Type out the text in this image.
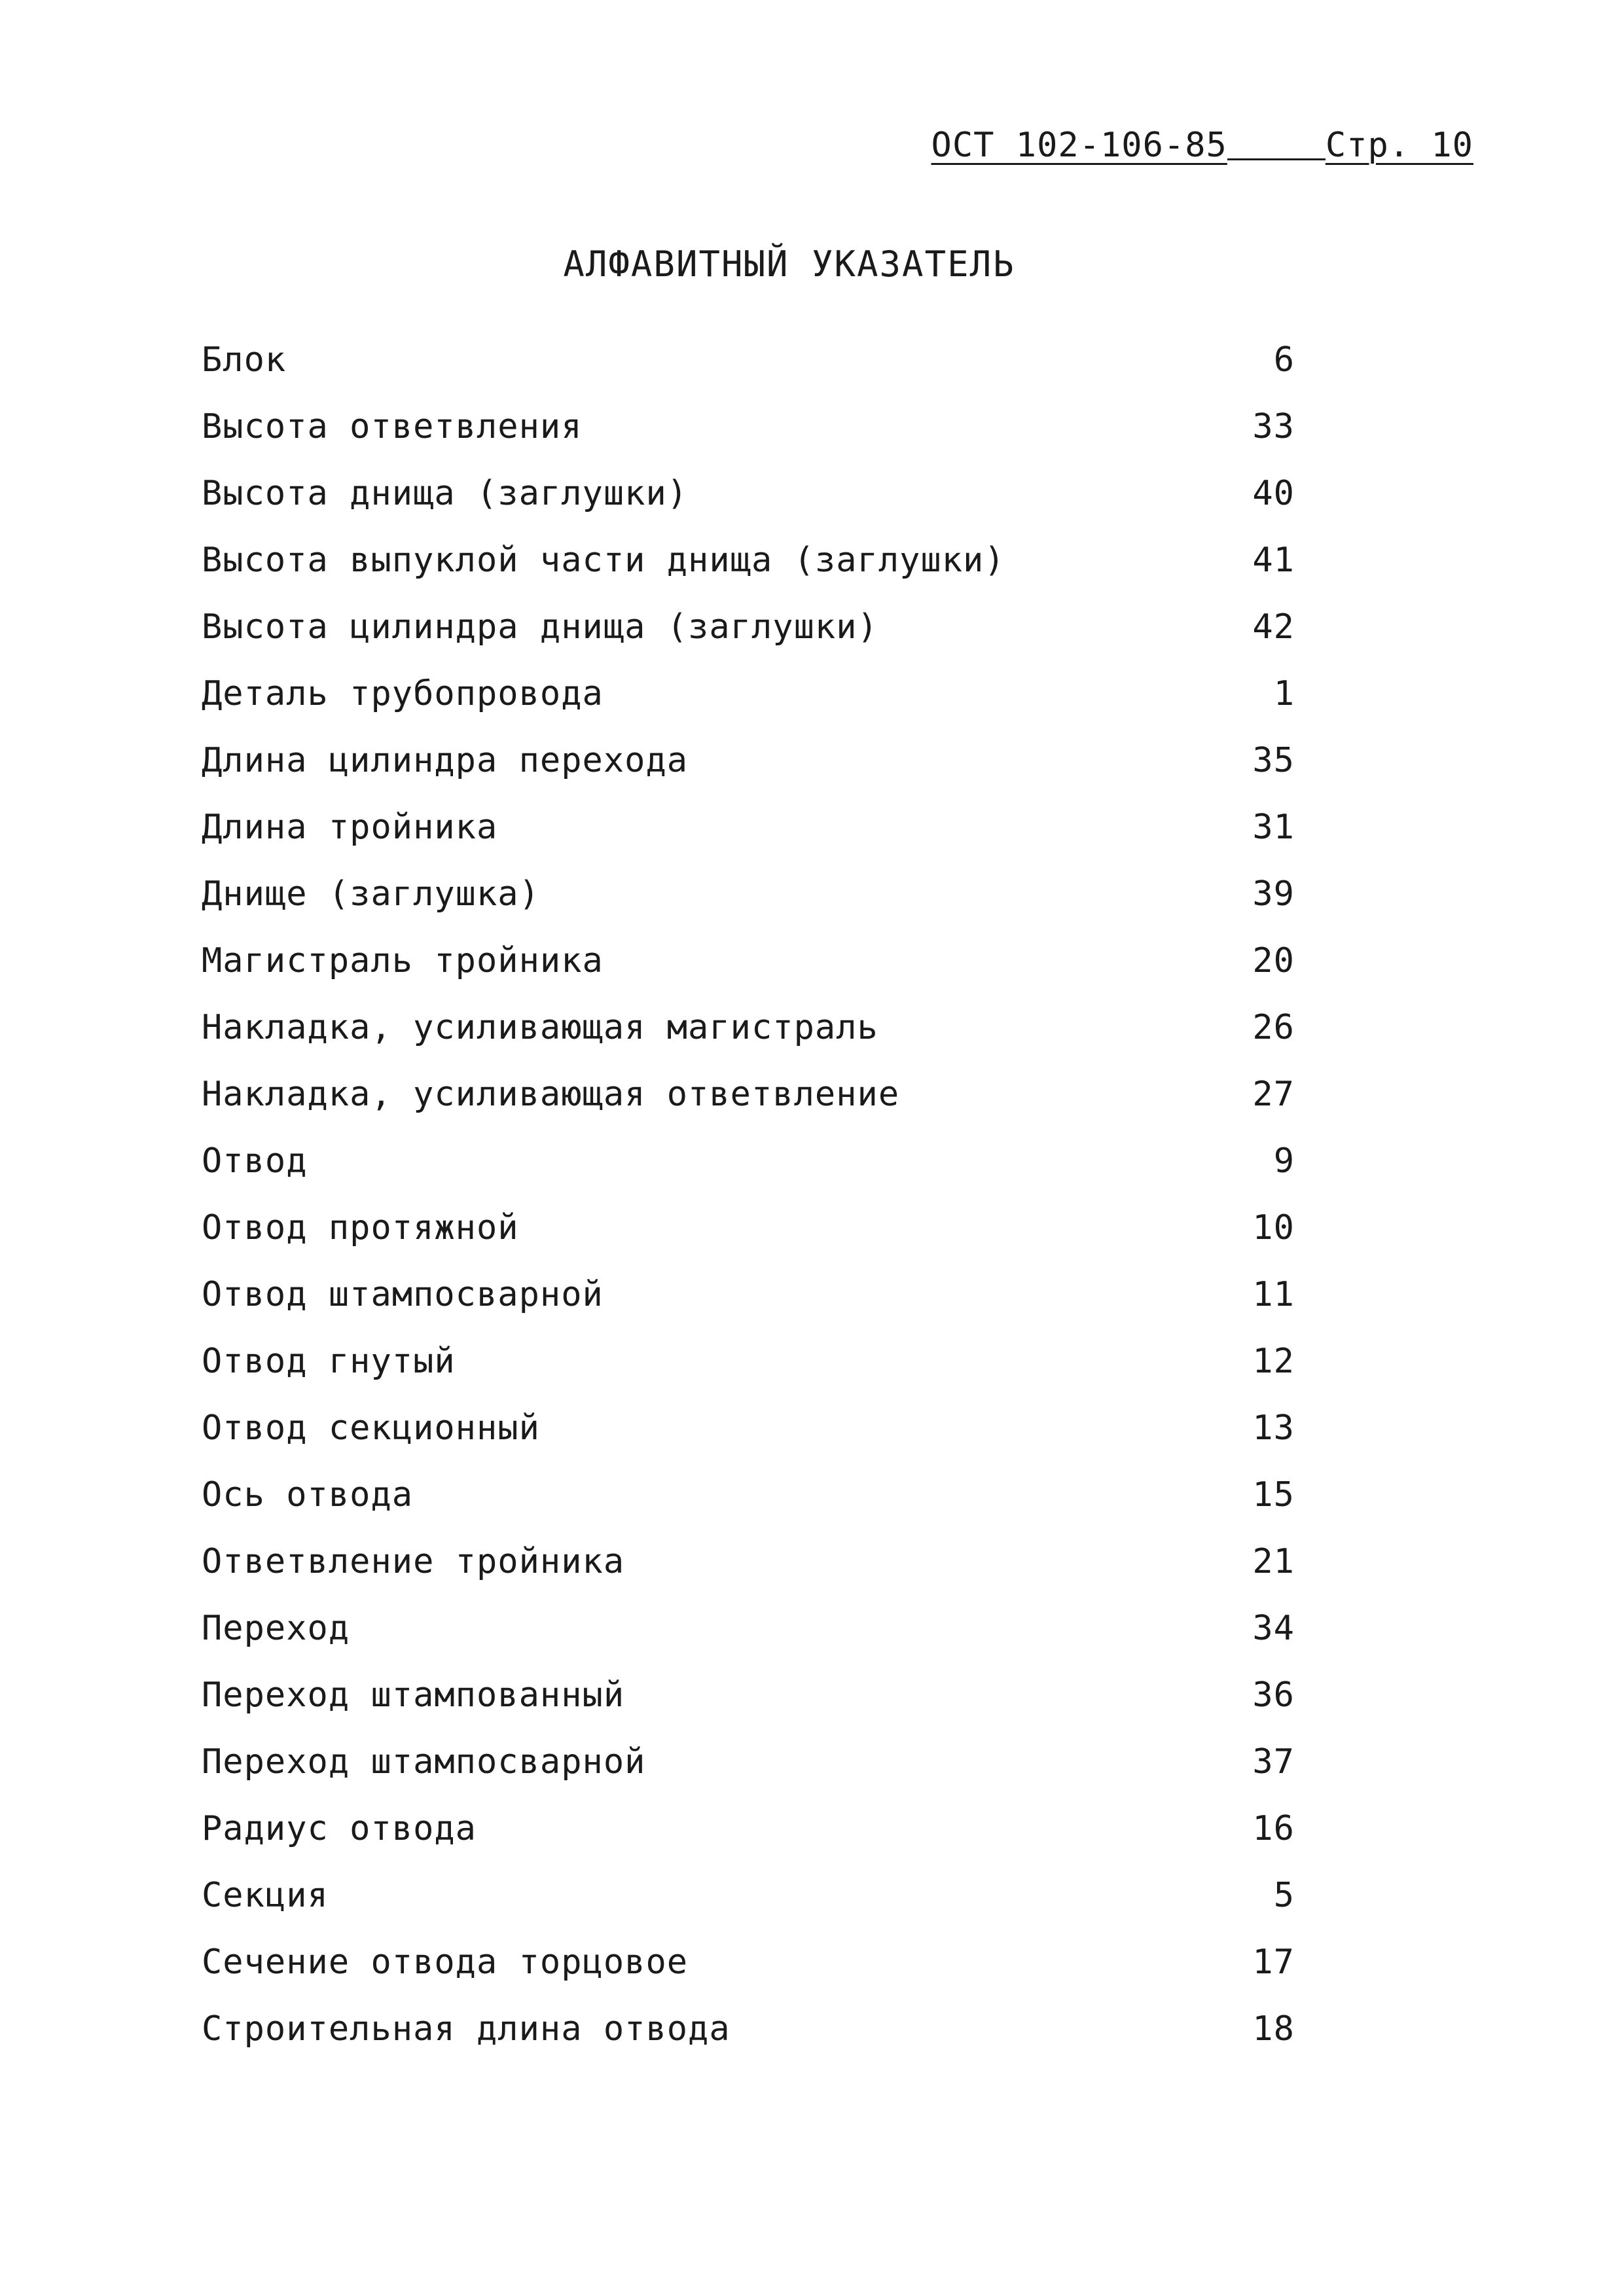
ОСТ 102-106-85	Стр. 10
АЛФАВИТНЫЙ УКАЗАТЕЛЬ
Блок	6
Высота ответвления	33
Высота днища (заглушки)	40
Высота выпуклой части днища (заглушки)	41
Высота цилиндра днища (заглушки)	42
Деталь трубопровода	1
Длина цилиндра перехода	35
Длина тройника	31
Днище (заглушка)	39
Магистраль тройника	20
Накладка, усиливающая магистраль	26
Накладка, усиливающая ответвление	27
Отвод	9
Отвод протяжной	10
Отвод штампосварной	11
Отвод гнутый	12
Отвод секционный	13
Ось отвода	15
Ответвление тройника	21
Переход	34
Переход штампованный	36
Переход штампосварной	37
Радиус отвода	16
Секция	5
Сечение отвода торцовое	17
Строительная длина отвода	18
